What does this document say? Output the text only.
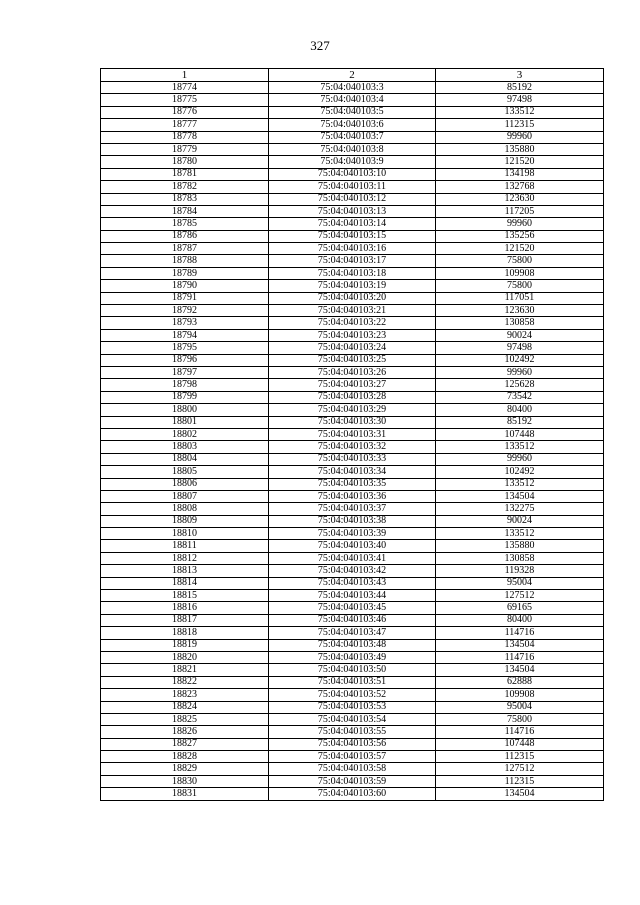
327
1	2	3
18774	75:04:040103:3	85192
18775	75:04:040103:4	97498
18776	75:04:040103:5	133512
18777	75:04:040103:6	112315
18778	75:04:040103:7	99960
18779	75:04:040103:8	135880
18780	75:04:040103:9	121520
18781	75:04:040103:10	134198
18782	75:04:040103:11	132768
18783	75:04:040103:12	123630
18784	75:04:040103:13	117205
18785	75:04:040103:14	99960
18786	75:04:040103:15	135256
18787	75:04:040103:16	121520
18788	75:04:040103:17	75800
18789	75:04:040103:18	109908
18790	75:04:040103:19	75800
18791	75:04:040103:20	117051
18792	75:04:040103:21	123630
18793	75:04:040103:22	130858
18794	75:04:040103:23	90024
18795	75:04:040103:24	97498
18796	75:04:040103:25	102492
18797	75:04:040103:26	99960
18798	75:04:040103:27	125628
18799	75:04:040103:28	73542
18800	75:04:040103:29	80400
18801	75:04:040103:30	85192
18802	75:04:040103:31	107448
18803	75:04:040103:32	133512
18804	75:04:040103:33	99960
18805	75:04:040103:34	102492
18806	75:04:040103:35	133512
18807	75:04:040103:36	134504
18808	75:04:040103:37	132275
18809	75:04:040103:38	90024
18810	75:04:040103:39	133512
18811	75:04:040103:40	135880
18812	75:04:040103:41	130858
18813	75:04:040103:42	119328
18814	75:04:040103:43	95004
18815	75:04:040103:44	127512
18816	75:04:040103:45	69165
18817	75:04:040103:46	80400
18818	75:04:040103:47	114716
18819	75:04:040103:48	134504
18820	75:04:040103:49	114716
18821	75:04:040103:50	134504
18822	75:04:040103:51	62888
18823	75:04:040103:52	109908
18824	75:04:040103:53	95004
18825	75:04:040103:54	75800
18826	75:04:040103:55	114716
18827	75:04:040103:56	107448
18828	75:04:040103:57	112315
18829	75:04:040103:58	127512
18830	75:04:040103:59	112315
18831	75:04:040103:60	134504
